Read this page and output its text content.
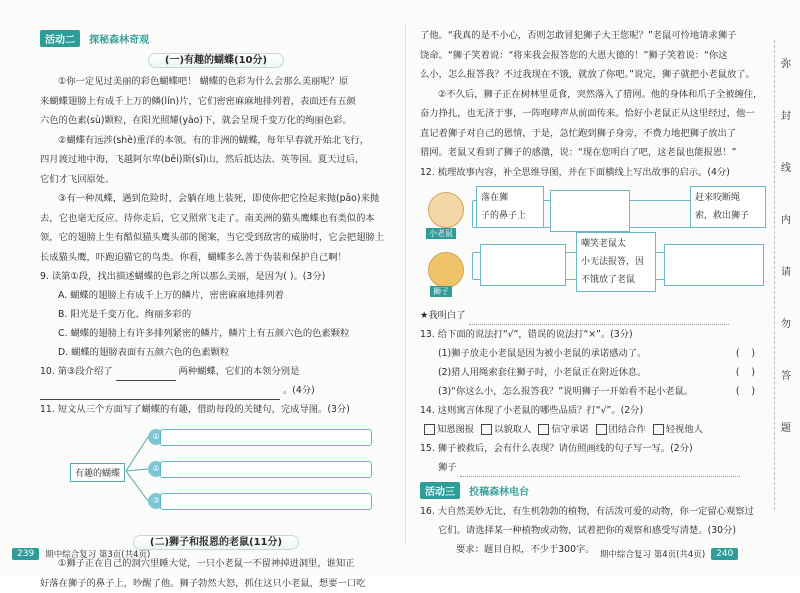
活动二 探秘森林奇观
(一)有趣的蝴蝶(10分)

①你一定见过美丽的彩色蝴蝶吧！ 蝴蝶的色彩为什么会那么美丽呢？原

来蝴蝶翅膀上有成千上万的鳞(lín)片，它们密密麻麻地排列着，表面还有五颜

六色的色素(sù)颗粒，在阳光照耀(yào)下，就会呈现千变万化的绚丽色彩。

②蝴蝶有远涉(shè)重洋的本领。有的非洲的蝴蝶，每年早春就开始北飞行，

四月渡过地中海，飞越阿尔卑(bēi)斯(sī)山，然后抵达法、英等国。夏天过后，

它们才飞回原处。

③有一种凤蝶，遇到危险时，会躺在地上装死，即使你把它捡起来抛(pāo)来抛

去，它也毫无反应。待你走后，它又照常飞走了。南美洲的猫头鹰蝶也有类似的本

领，它的翅膀上生有酷似猫头鹰头部的图案，当它受到敌害的威胁时，它会把翅膀上

长成猫头鹰，吓跑迫猫它的鸟类。你看，蝴蝶多么善于伪装和保护自己啊！

9. 读第①段，找出描述蝴蝶的色彩之所以那么美丽，是因为( )。(3分)
A. 蝴蝶的翅膀上有成千上万的鳞片，密密麻麻地排列着
B. 阳光是千变万化、绚丽多彩的
C. 蝴蝶的翅膀上有许多排列紧密的鳞片，鳞片上有五颜六色的色素颗粒
D. 蝴蝶的翅膀表面有五颜六色的色素颗粒
10. 第③段介绍了	两种蝴蝶，它们的本领分别是
。(4分)
11. 短文从三个方面写了蝴蝶的有趣，借助每段的关键句，完成导图。(3分)
有趣的蝴蝶
①
②
③
(二)狮子和报恩的老鼠(11分)

①狮子正在自己的洞穴里睡大觉，一只小老鼠一不留神掉进洞里，谁知正

好落在狮子的鼻子上，吵醒了他。狮子勃然大怒，抓住这只小老鼠，想要一口吃

239	期中综合复习 第3页(共4页)

了他。“我真的是不小心，否则怎敢冒犯狮子大王您呢？”老鼠可怜地请求狮子

饶命。“狮子笑着说：“将来我会报答您的大恩大德的！”狮子笑着说：“你这

么小，怎么报答我？不过我现在不饿，就放了你吧。”说完，狮子就把小老鼠放了。

②不久后，狮子正在树林里觅食，突然落入了猎网。他的身体和爪子全被缠住，

奋力挣扎，也无济于事，一阵咆哮声从前面传来。恰好小老鼠正从这里经过，他一

直记着狮子对自己的恩情，于是，急忙跑到狮子身旁，不费力地把狮子放出了

猎网。老鼠又看到了狮子的感激，说：“现在您明白了吧，这老鼠也能报恩！”

12. 梳理故事内容，补全思维导图，并在下面横线上写出故事的启示。(4分)
小老鼠
狮子
落在狮
子的鼻子上
赶来咬断绳
索，救出狮子
嘲笑老鼠太
小无法报答，因
不饿放了老鼠
★我明白了
13. 给下面的说法打“√”，错误的说法打“×”。(3分)
(1)狮子放走小老鼠是因为被小老鼠的承诺感动了。	(    )
(2)猎人用绳索套住狮子时，小老鼠正在附近休息。	(    )
(3)“你这么小，怎么报答我？”说明狮子一开始看不起小老鼠。	(    )
14. 这则寓言体现了小老鼠的哪些品质？打“√”。(2分)
知恩图报 以貌取人 信守承诺 团结合作 轻视他人
15. 狮子被救后，会有什么表现？请仿照画线的句子写一写。(2分)
狮子
活动三 投稿森林电台
16. 大自然美妙无比，有生机勃勃的植物，有活泼可爱的动物，你一定留心观察过
它们。请选择某一种植物或动物，试着把你的观察和感受写清楚。(30分)
要求：题目自拟，不少于300字。
期中综合复习 第4页(共4页)	240
弥
封
线
内
请
勿
答
题
